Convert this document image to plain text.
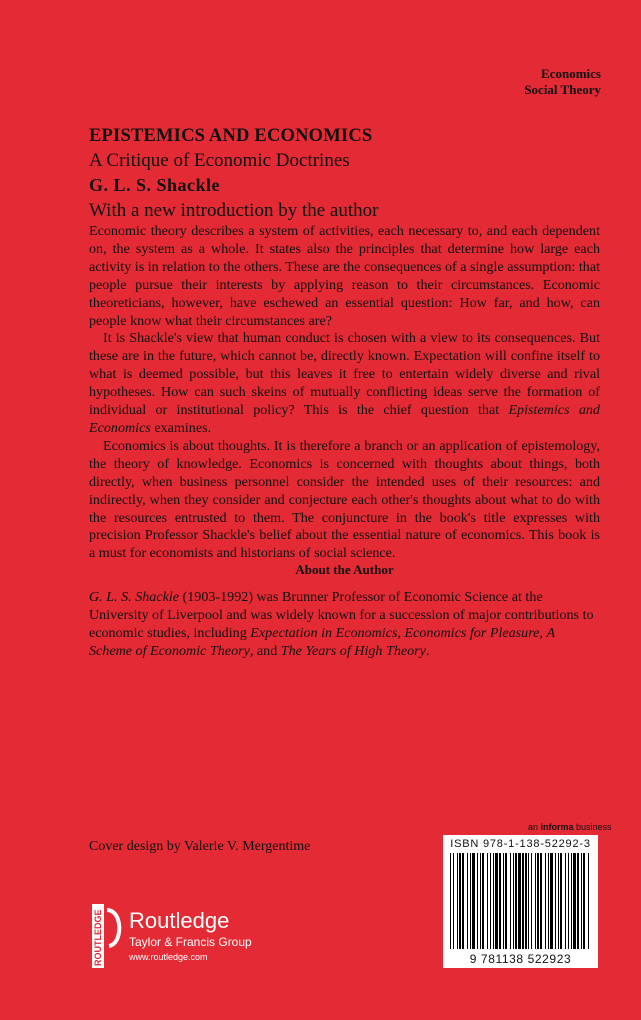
Economics
Social Theory
EPISTEMICS AND ECONOMICS
A Critique of Economic Doctrines
G. L. S. Shackle
With a new introduction by the author

Economic theory describes a system of activities, each necessary to, and each dependent on, the system as a whole. It states also the principles that determine how large each activity is in relation to the others. These are the consequences of a single assumption: that people pursue their interests by applying reason to their circumstances. Economic theoreticians, however, have eschewed an essential question: How far, and how, can people know what their circumstances are?

It is Shackle's view that human conduct is chosen with a view to its consequences. But these are in the future, which cannot be, directly known. Expectation will confine itself to what is deemed possible, but this leaves it free to entertain widely diverse and rival hypotheses. How can such skeins of mutually conflicting ideas serve the formation of individual or institutional policy? This is the chief question that Epistemics and Economics examines.

Economics is about thoughts. It is therefore a branch or an application of epistemology, the theory of knowledge. Economics is concerned with thoughts about things, both directly, when business personnel consider the intended uses of their resources: and indirectly, when they consider and conjecture each other's thoughts about what to do with the resources entrusted to them. The conjuncture in the book's title expresses with precision Professor Shackle's belief about the essential nature of economics. This book is a must for economists and historians of social science.

About the Author
G. L. S. Shackle (1903-1992) was Brunner Professor of Economic Science at the University of Liverpool and was widely known for a succession of major contributions to economic studies, including Expectation in Economics, Economics for Pleasure, A Scheme of Economic Theory, and The Years of High Theory.
Cover design by Valerie V. Mergentime
an informa business
ISBN 978-1-138-52292-3
9 781138 522923
ROUTLEDGE Routledge
Taylor & Francis Group
www.routledge.com
